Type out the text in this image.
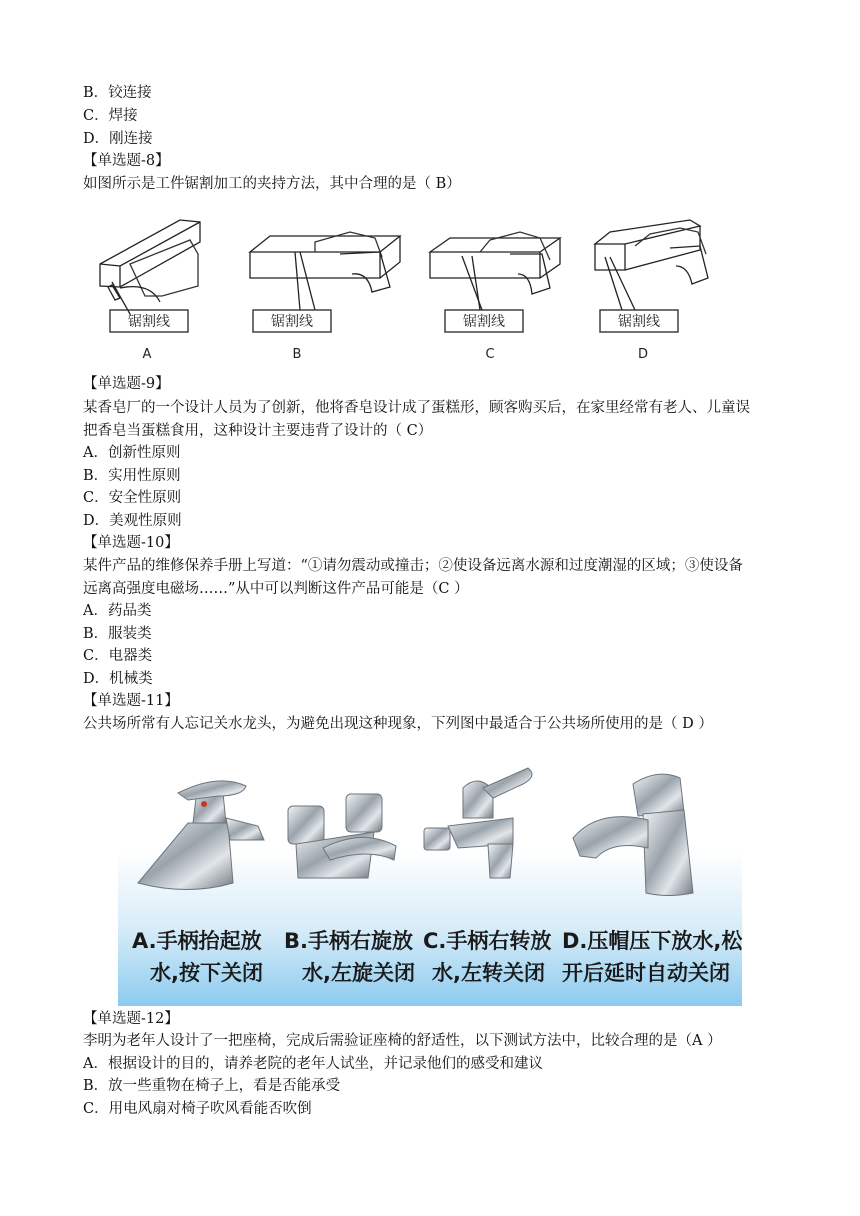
B．铰连接
C．焊接
D．刚连接
【单选题-8】
如图所示是工件锯割加工的夹持方法，其中合理的是（ B）
锯割线	锯割线	锯割线	锯割线
A	B	C	D
【单选题-9】
某香皂厂的一个设计人员为了创新，他将香皂设计成了蛋糕形，顾客购买后，在家里经常有老人、儿童误
把香皂当蛋糕食用，这种设计主要违背了设计的（ C）
A．创新性原则
B．实用性原则
C．安全性原则
D．美观性原则
【单选题-10】
某件产品的维修保养手册上写道：“①请勿震动或撞击；②使设备远离水源和过度潮湿的区域；③使设备
远离高强度电磁场……”从中可以判断这件产品可能是（C ）
A．药品类
B．服装类
C．电器类
D．机械类
【单选题-11】
公共场所常有人忘记关水龙头，为避免出现这种现象，下列图中最适合于公共场所使用的是（ D ）
A.手柄抬起放
水,按下关闭
B.手柄右旋放
水,左旋关闭
C.手柄右转放
水,左转关闭
D.压帽压下放水,松
开后延时自动关闭
【单选题-12】
李明为老年人设计了一把座椅，完成后需验证座椅的舒适性，以下测试方法中，比较合理的是（A ）
A．根据设计的目的，请养老院的老年人试坐，并记录他们的感受和建议
B．放一些重物在椅子上，看是否能承受
C．用电风扇对椅子吹风看能否吹倒
